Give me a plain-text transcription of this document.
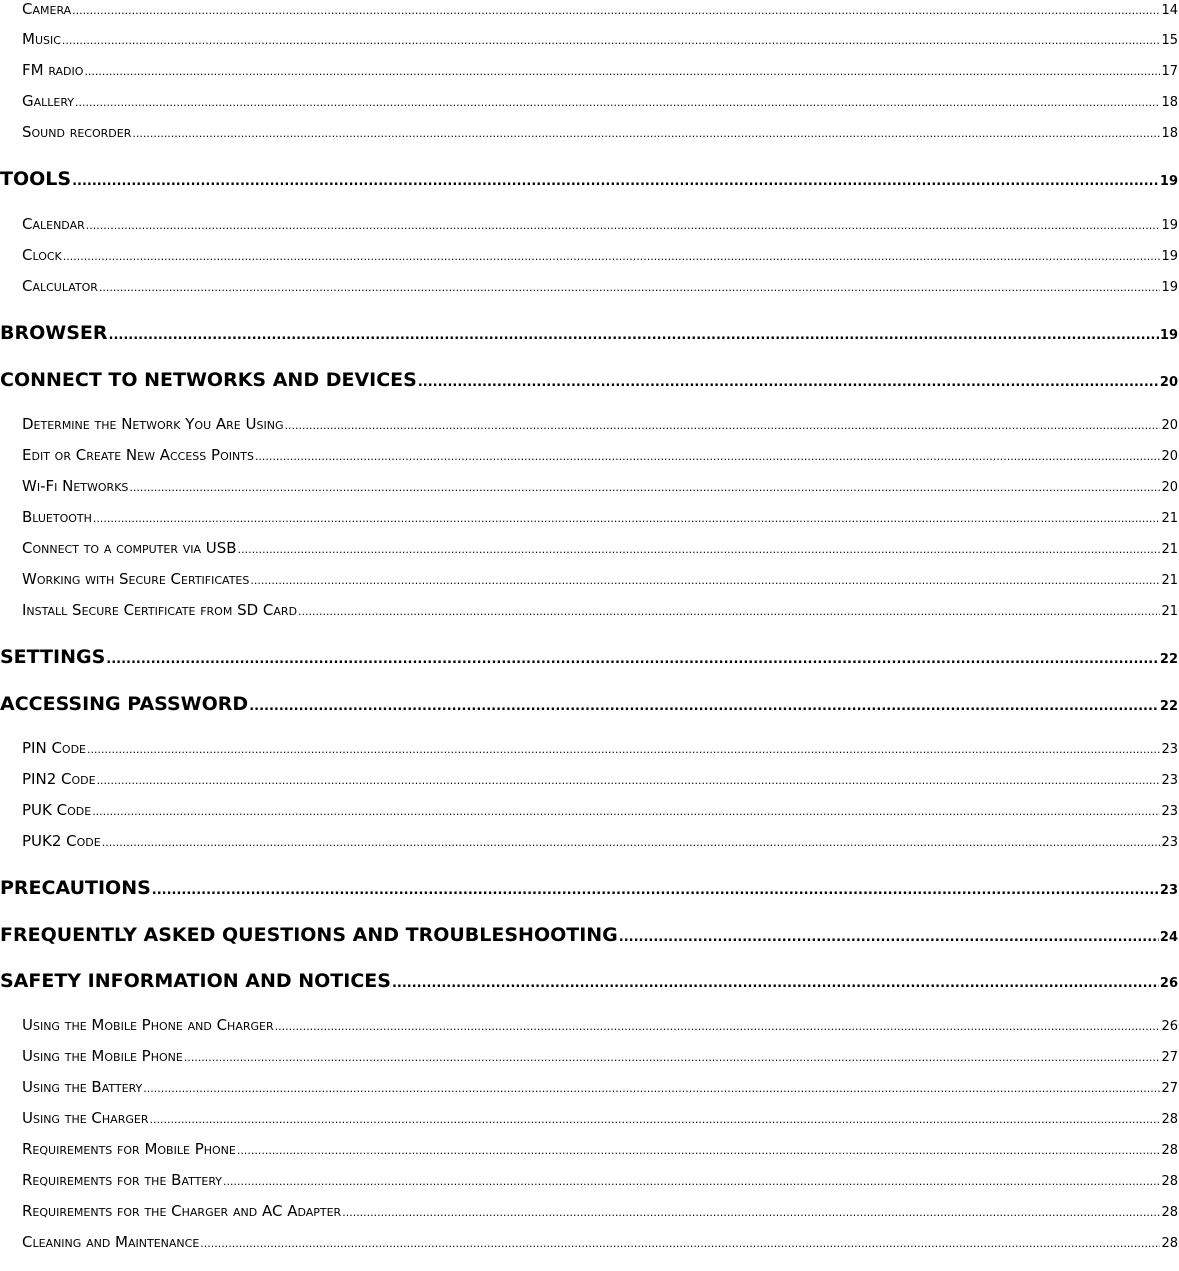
Camera .....	14
Music .....	15
FM radio .....	17
Gallery .....	18
Sound recorder .....	18
TOOLS .....	19
Calendar .....	19
Clock .....	19
Calculator .....	19
BROWSER .....	19
CONNECT TO NETWORKS AND DEVICES .....	20
Determine the Network You Are Using .....	20
Edit or Create New Access Points .....	20
Wi-Fi Networks .....	20
Bluetooth .....	21
Connect to a computer via USB .....	21
Working with Secure Certificates .....	21
Install Secure Certificate from SD Card .....	21
SETTINGS .....	22
ACCESSING PASSWORD .....	22
PIN Code .....	23
PIN2 Code .....	23
PUK Code .....	23
PUK2 Code .....	23
PRECAUTIONS .....	23
FREQUENTLY ASKED QUESTIONS AND TROUBLESHOOTING .....	24
SAFETY INFORMATION AND NOTICES .....	26
Using the Mobile Phone and Charger .....	26
Using the Mobile Phone .....	27
Using the Battery .....	27
Using the Charger .....	28
Requirements for Mobile Phone .....	28
Requirements for the Battery .....	28
Requirements for the Charger and AC Adapter .....	28
Cleaning and Maintenance .....	28
